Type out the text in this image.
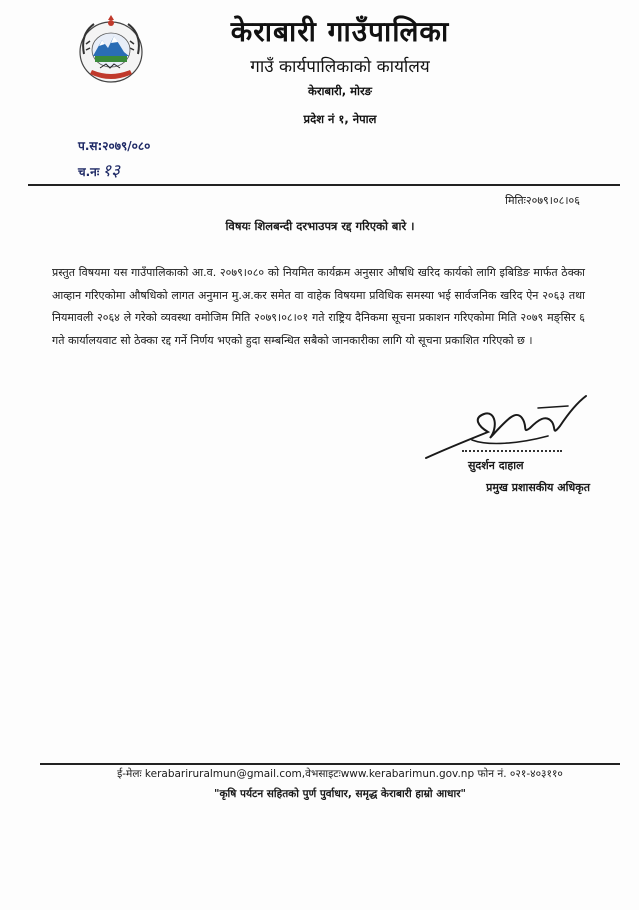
केराबारी गाउँपालिका
गाउँ कार्यपालिकाको कार्यालय
केराबारी, मोरङ
प्रदेश नं १, नेपाल
प.स:२०७९/०८०
च.नः १३
मितिः२०७९।०८।०६
विषयः शिलबन्दी दरभाउपत्र रद्द गरिएको बारे ।
प्रस्तुत विषयमा यस गाउँपालिकाको आ.व. २०७९।०८० को नियमित कार्यक्रम अनुसार औषधि खरिद कार्यको लागि इबिडिङ मार्फत ठेक्का आव्हान गरिएकोमा औषधिको लागत अनुमान मु.अ.कर समेत वा वाहेक विषयमा प्रविधिक समस्या भई सार्वजनिक खरिद ऐन २०६३ तथा नियमावली २०६४ ले गरेको व्यवस्था वमोजिम मिति २०७९।०८।०१ गते राष्ट्रिय दैनिकमा सूचना प्रकाशन गरिएकोमा मिति २०७९ मङ्सिर ६ गते कार्यालयवाट सो ठेक्का रद्द गर्ने निर्णय भएको हुदा सम्बन्धित सबैको जानकारीका लागि यो सूचना प्रकाशित गरिएको छ ।
सुदर्शन दाहाल
प्रमुख प्रशासकीय अधिकृत
ई-मेलः kerabariruralmun@gmail.com,वेभसाइटःwww.kerabarimun.gov.np फोन नं. ०२१-४०३११०
"कृषि पर्यटन सहितको पुर्ण पुर्वाधार, समृद्ध केराबारी हाम्रो आधार"
